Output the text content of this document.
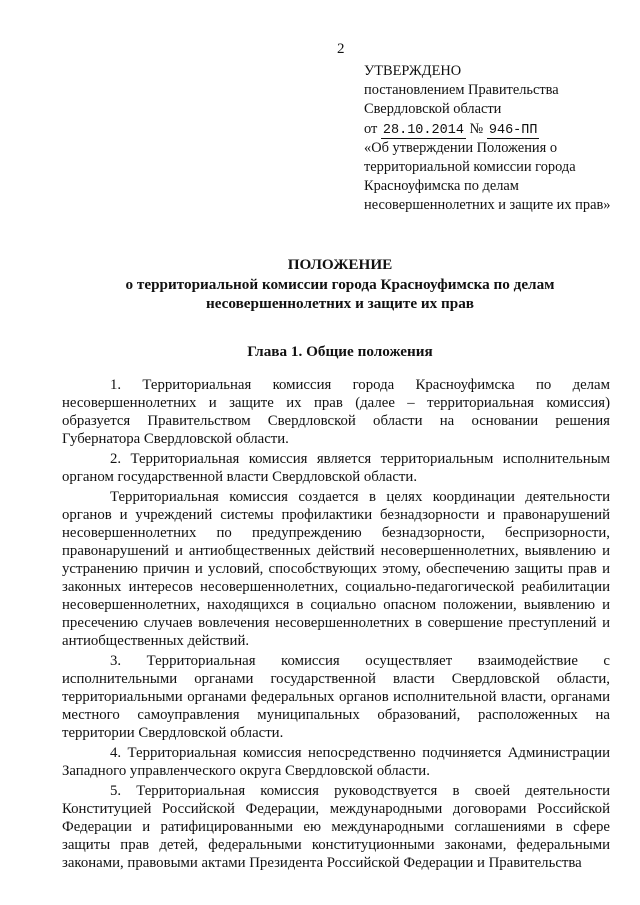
2
УТВЕРЖДЕНО
постановлением Правительства
Свердловской области
от 28.10.2014 № 946-ПП
«Об утверждении Положения о территориальной комиссии города Красноуфимска по делам несовершеннолетних и защите их прав»
ПОЛОЖЕНИЕ
о территориальной комиссии города Красноуфимска по делам
несовершеннолетних и защите их прав
Глава 1. Общие положения

1. Территориальная комиссия города Красноуфимска по делам несовершеннолетних и защите их прав (далее – территориальная комиссия) образуется Правительством Свердловской области на основании решения Губернатора Свердловской области.

2. Территориальная комиссия является территориальным исполнительным органом государственной власти Свердловской области.

Территориальная комиссия создается в целях координации деятельности органов и учреждений системы профилактики безнадзорности и правонарушений несовершеннолетних по предупреждению безнадзорности, беспризорности, правонарушений и антиобщественных действий несовершеннолетних, выявлению и устранению причин и условий, способствующих этому, обеспечению защиты прав и законных интересов несовершеннолетних, социально-педагогической реабилитации несовершеннолетних, находящихся в социально опасном положении, выявлению и пресечению случаев вовлечения несовершеннолетних в совершение преступлений и антиобщественных действий.

3. Территориальная комиссия осуществляет взаимодействие с исполнительными органами государственной власти Свердловской области, территориальными органами федеральных органов исполнительной власти, органами местного самоуправления муниципальных образований, расположенных на территории Свердловской области.

4. Территориальная комиссия непосредственно подчиняется Администрации Западного управленческого округа Свердловской области.

5. Территориальная комиссия руководствуется в своей деятельности Конституцией Российской Федерации, международными договорами Российской Федерации и ратифицированными ею международными соглашениями в сфере защиты прав детей, федеральными конституционными законами, федеральными законами, правовыми актами Президента Российской Федерации и Правительства
